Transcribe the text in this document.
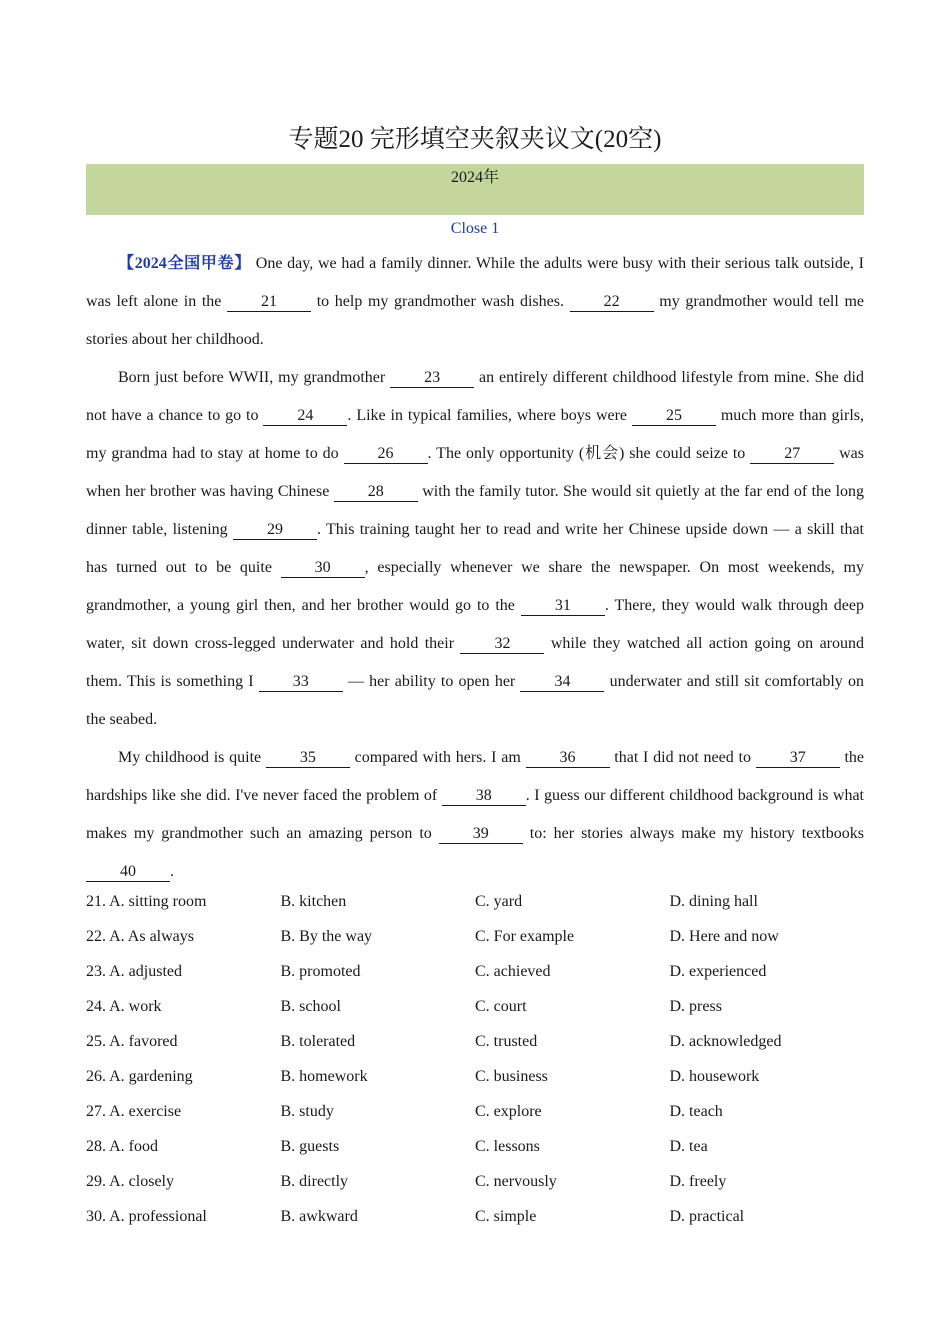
专题20 完形填空夹叙夹议文(20空)
2024年
Close 1

【2024全国甲卷】 One day, we had a family dinner. While the adults were busy with their serious talk outside, I was left alone in the 21 to help my grandmother wash dishes. 22 my grandmother would tell me stories about her childhood.

Born just before WWII, my grandmother 23 an entirely different childhood lifestyle from mine. She did not have a chance to go to 24 . Like in typical families, where boys were 25 much more than girls, my grandma had to stay at home to do 26 . The only opportunity (机会) she could seize to 27 was when her brother was having Chinese 28 with the family tutor. She would sit quietly at the far end of the long dinner table, listening 29 . This training taught her to read and write her Chinese upside down — a skill that has turned out to be quite 30 , especially whenever we share the newspaper. On most weekends, my grandmother, a young girl then, and her brother would go to the 31 . There, they would walk through deep water, sit down cross-legged underwater and hold their 32 while they watched all action going on around them. This is something I 33 — her ability to open her 34 underwater and still sit comfortably on the seabed.

My childhood is quite 35 compared with hers. I am 36 that I did not need to 37 the hardships like she did. I've never faced the problem of 38 . I guess our different childhood background is what makes my grandmother such an amazing person to 39 to: her stories always make my history textbooks 40 .

21. A. sitting room	B. kitchen	C. yard	D. dining hall
22. A. As always	B. By the way	C. For example	D. Here and now
23. A. adjusted	B. promoted	C. achieved	D. experienced
24. A. work	B. school	C. court	D. press
25. A. favored	B. tolerated	C. trusted	D. acknowledged
26. A. gardening	B. homework	C. business	D. housework
27. A. exercise	B. study	C. explore	D. teach
28. A. food	B. guests	C. lessons	D. tea
29. A. closely	B. directly	C. nervously	D. freely
30. A. professional	B. awkward	C. simple	D. practical
